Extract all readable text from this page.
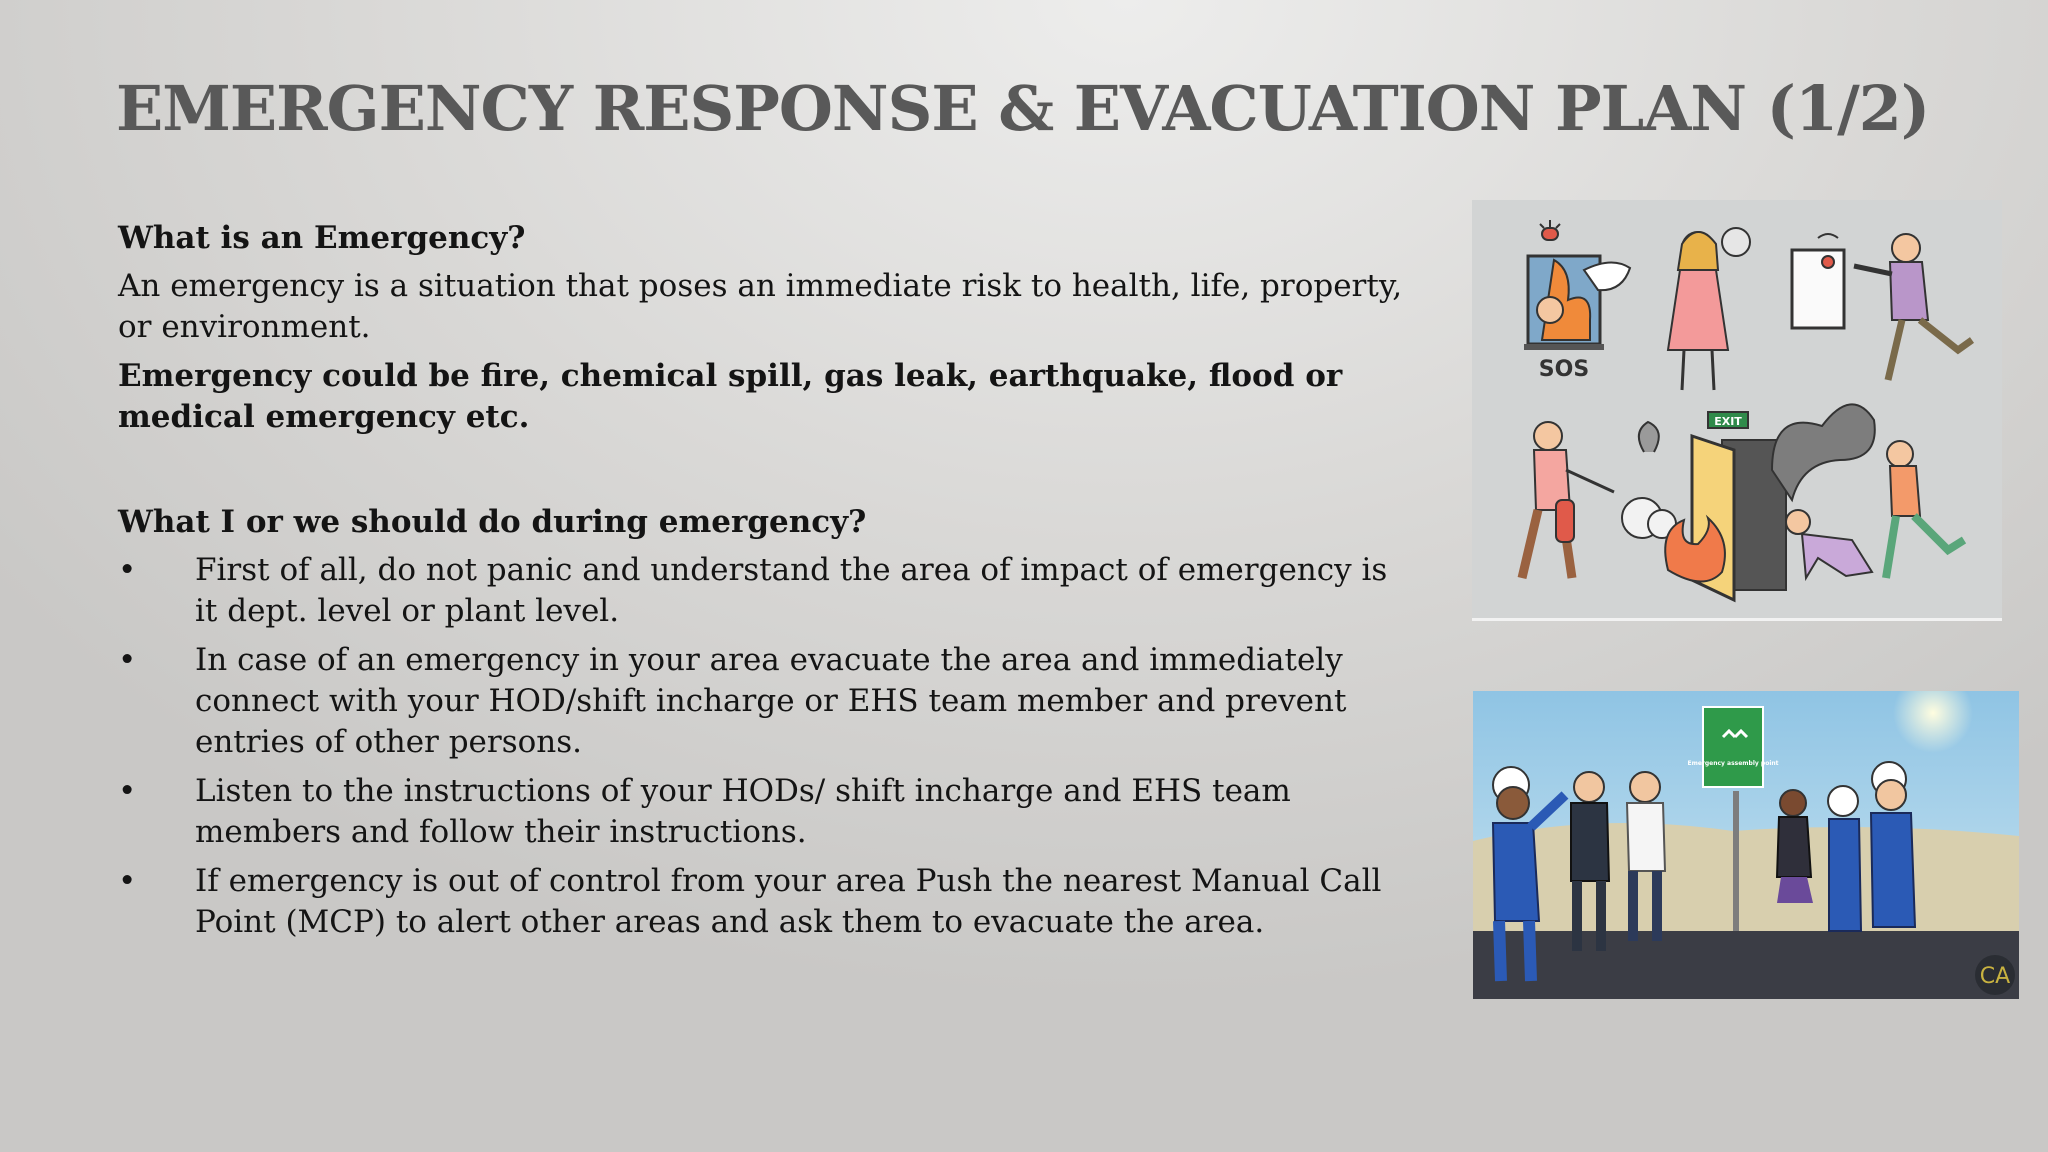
EMERGENCY RESPONSE & EVACUATION PLAN (1/2)

What is an Emergency?

An emergency is a situation that poses an immediate risk to health, life, property, or environment.

Emergency could be fire, chemical spill, gas leak, earthquake, flood or medical emergency etc.

What I or we should do during emergency?

• First of all, do not panic and understand the area of impact of emergency is it dept. level or plant level.
• In case of an emergency in your area evacuate the area and immediately connect with your HOD/shift incharge or EHS team member and prevent entries of other persons.
• Listen to the instructions of your HODs/ shift incharge and EHS team members and follow their instructions.
• If emergency is out of control from your area Push the nearest Manual Call Point (MCP) to alert other areas and ask them to evacuate the area.
SOS
EXIT
Emergency assembly point
CA
